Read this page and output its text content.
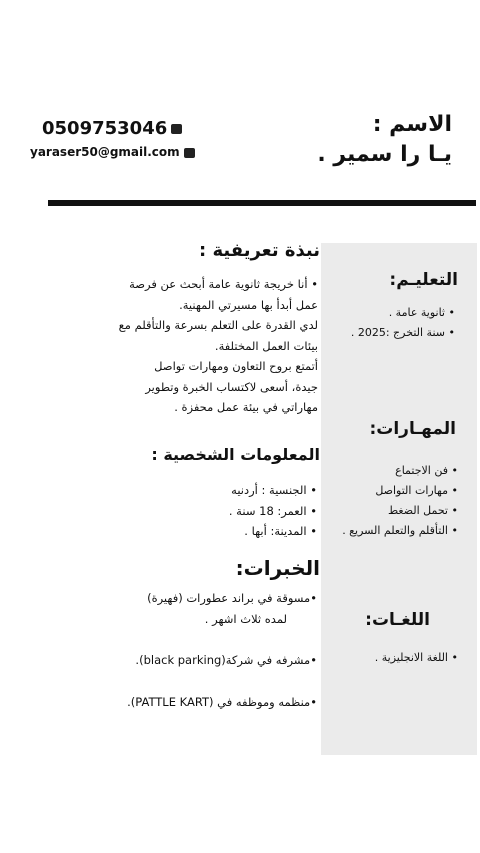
الاسم :
يـا را سمير .
0509753046
yaraser50@gmail.com
التعليـم:
• ثانوية عامة .
• سنة التخرج :2025 .
المهـارات:
• فن الاجتماع
• مهارات التواصل
• تحمل الضغط
• التأقلم والتعلم السريع .
اللغـات:
• اللغة الانجليزية .
نبذة تعريفية :
• أنا خريجة ثانوية عامة أبحث عن فرصة
عمل أبدأ بها مسيرتي المهنية.
لدي القدرة على التعلم بسرعة والتأقلم مع
بيئات العمل المختلفة.
أتمتع بروح التعاون ومهارات تواصل
جيدة، أسعى لاكتساب الخبرة وتطوير
مهاراتي في بيئة عمل محفزة .
المعلومات الشخصية :
• الجنسية : أردنيه
• العمر: 18 سنة .
• المدينة: أبها .
الخبرات:
•مسوقة في براند عطورات (فهيرة)
لمده ثلاث اشهر .
•مشرفه في شركة(black parking).
•منظمه وموظفه في (PATTLE KART).
